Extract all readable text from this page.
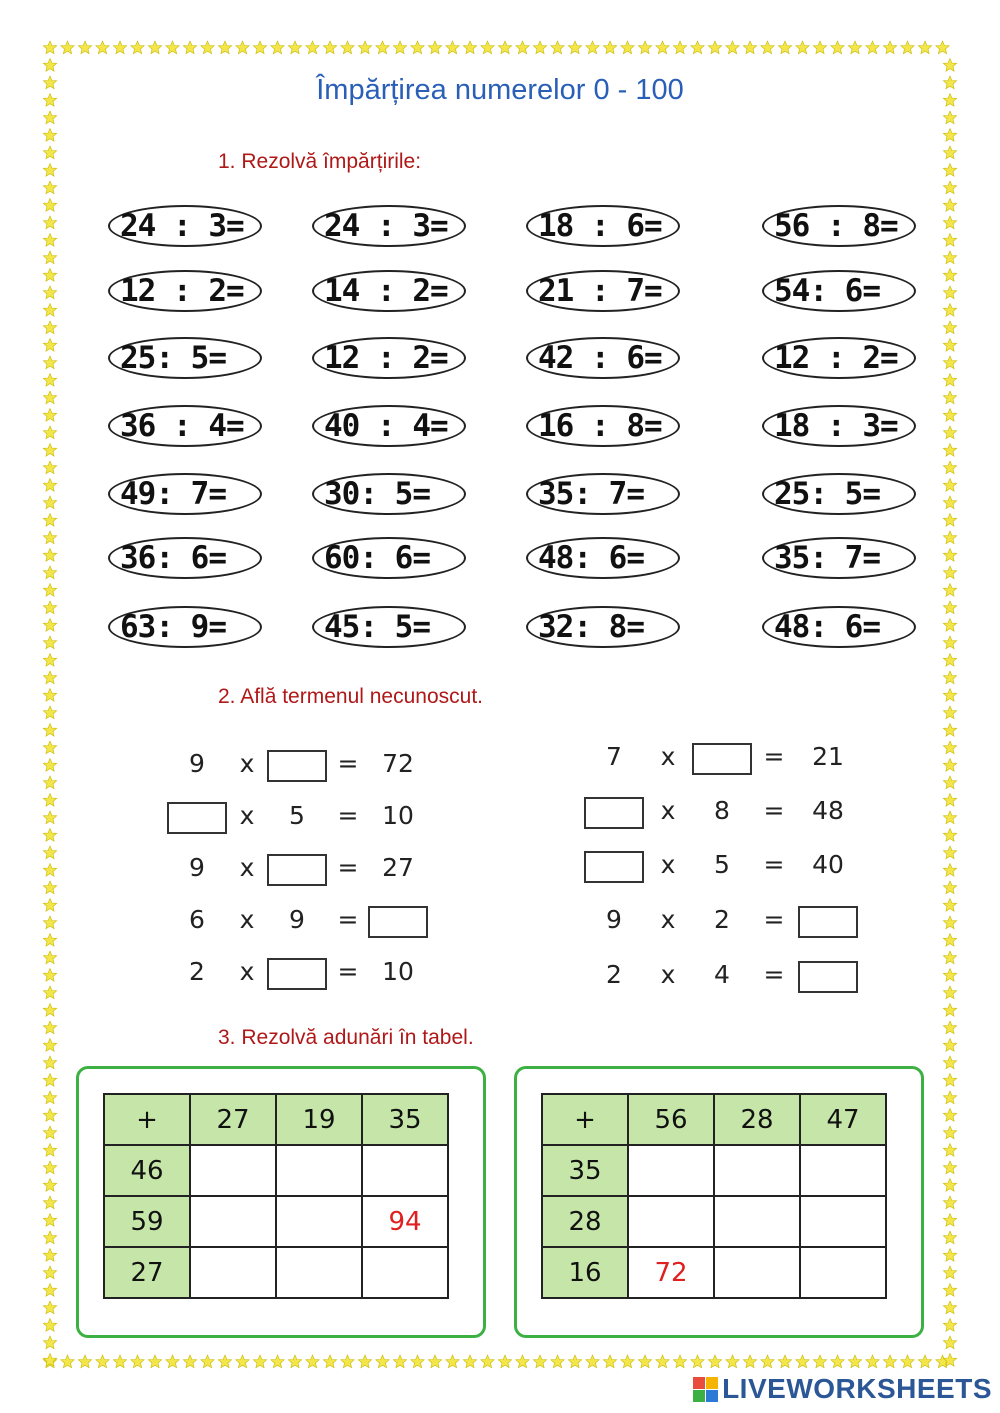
Împărțirea numerelor 0 - 100
1. Rezolvă împărțirile:
2. Află termenul necunoscut.
3. Rezolvă adunări în tabel.
24 : 3=	24 : 3=	18 : 6=	56 : 8=
12 : 2=	14 : 2=	21 : 7=	54: 6=
25: 5=	12 : 2=	42 : 6=	12 : 2=
36 : 4=	40 : 4=	16 : 8=	18 : 3=
49: 7=	30: 5=	35: 7=	25: 5=
36: 6=	60: 6=	48: 6=	35: 7=
63: 9=	45: 5=	32: 8=	48: 6=
9 x	= 72
x 5 = 10
9 x	= 27
6 x 9 =
2 x	= 10
7 x	= 21
x 8 = 48
x 5 = 40
9 x 2 =
2 x 4 =
+	27	19	35
46			
59			94
27			
+	56	28	47
35			
28			
16	72		
LIVEWORKSHEETS
